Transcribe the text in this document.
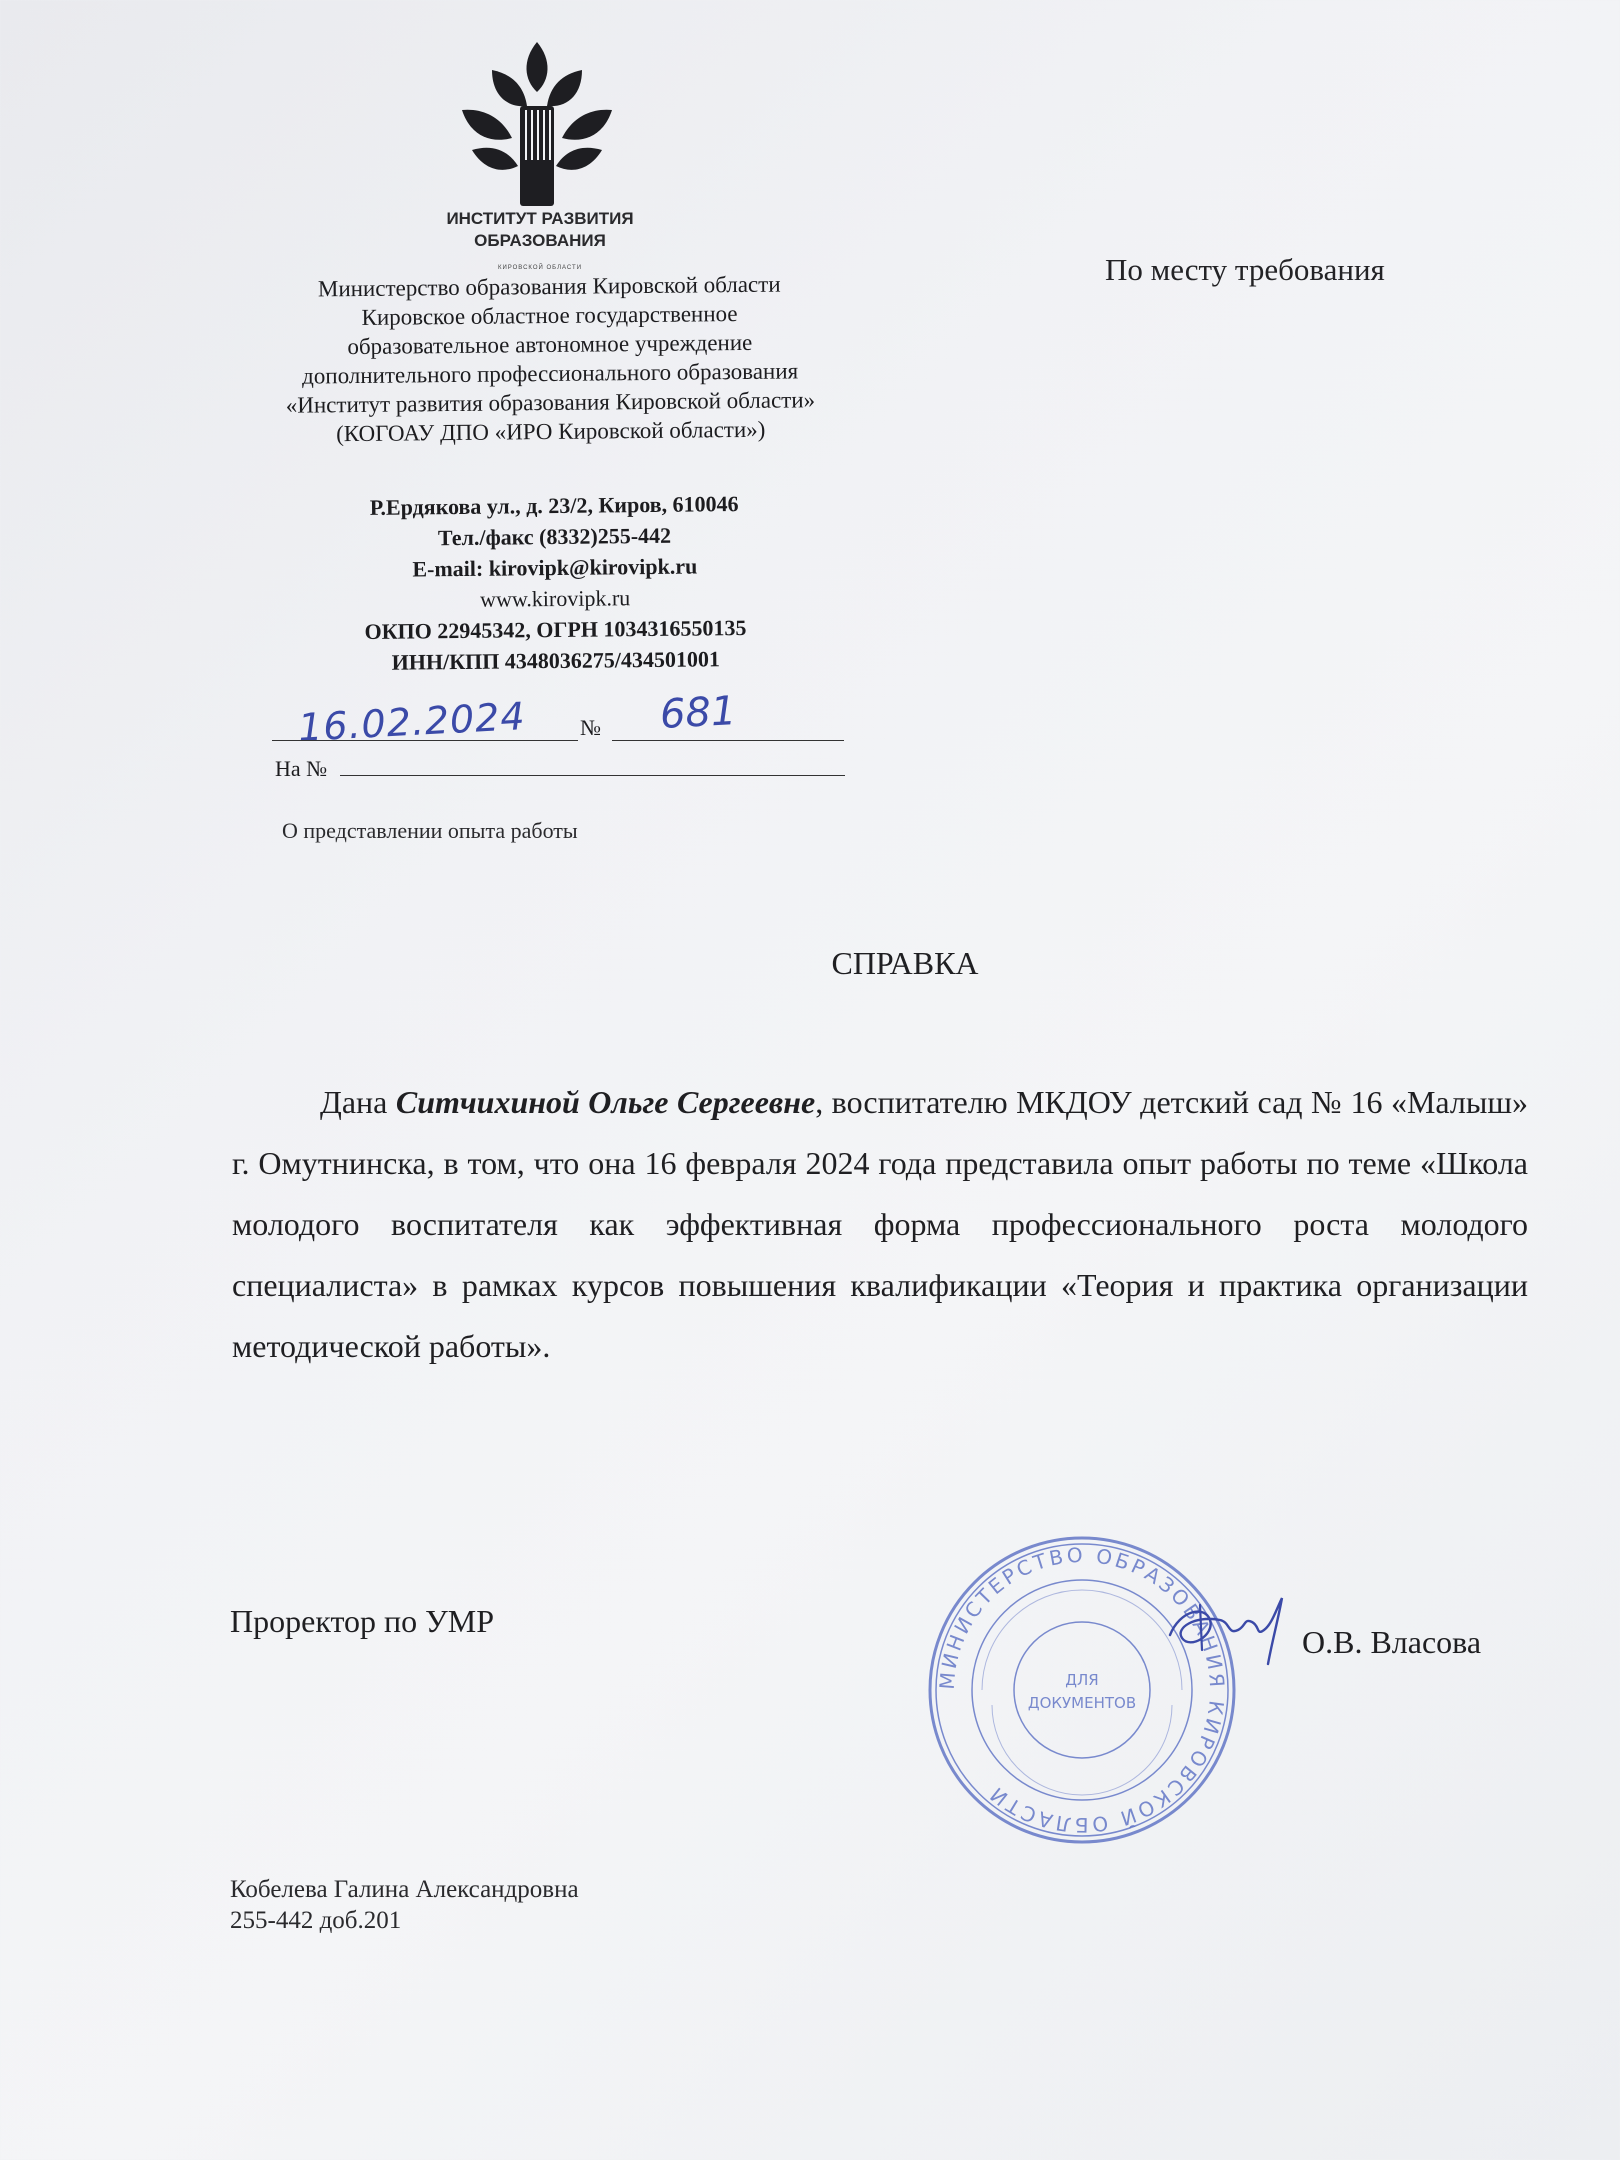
ИНСТИТУТ РАЗВИТИЯ
ОБРАЗОВАНИЯ
КИРОВСКОЙ ОБЛАСТИ
Министерство образования Кировской области
Кировское областное государственное
образовательное автономное учреждение
дополнительного профессионального образования
«Институт развития образования Кировской области»
(КОГОАУ ДПО «ИРО Кировской области»)
Р.Ердякова ул., д. 23/2, Киров, 610046
Тел./факс (8332)255-442
E-mail: kirovipk@kirovipk.ru
www.kirovipk.ru
ОКПО 22945342, ОГРН 1034316550135
ИНН/КПП 4348036275/434501001
16.02.2024 № 681
На №
О представлении опыта работы
По месту требования
СПРАВКА
Дана Ситчихиной Ольге Сергеевне, воспитателю МКДОУ детский сад № 16 «Малыш» г. Омутнинска, в том, что она 16 февраля 2024 года представила опыт работы по теме «Школа молодого воспитателя как эффективная форма профессионального роста молодого специалиста» в рамках курсов повышения квалификации «Теория и практика организации методической работы».
Проректор по УМР
МИНИСТЕРСТВО ОБРАЗОВАНИЯ КИРОВСКОЙ ОБЛАСТИ
ДЛЯ
ДОКУМЕНТОВ
О.В. Власова
Кобелева Галина Александровна
255-442 доб.201
